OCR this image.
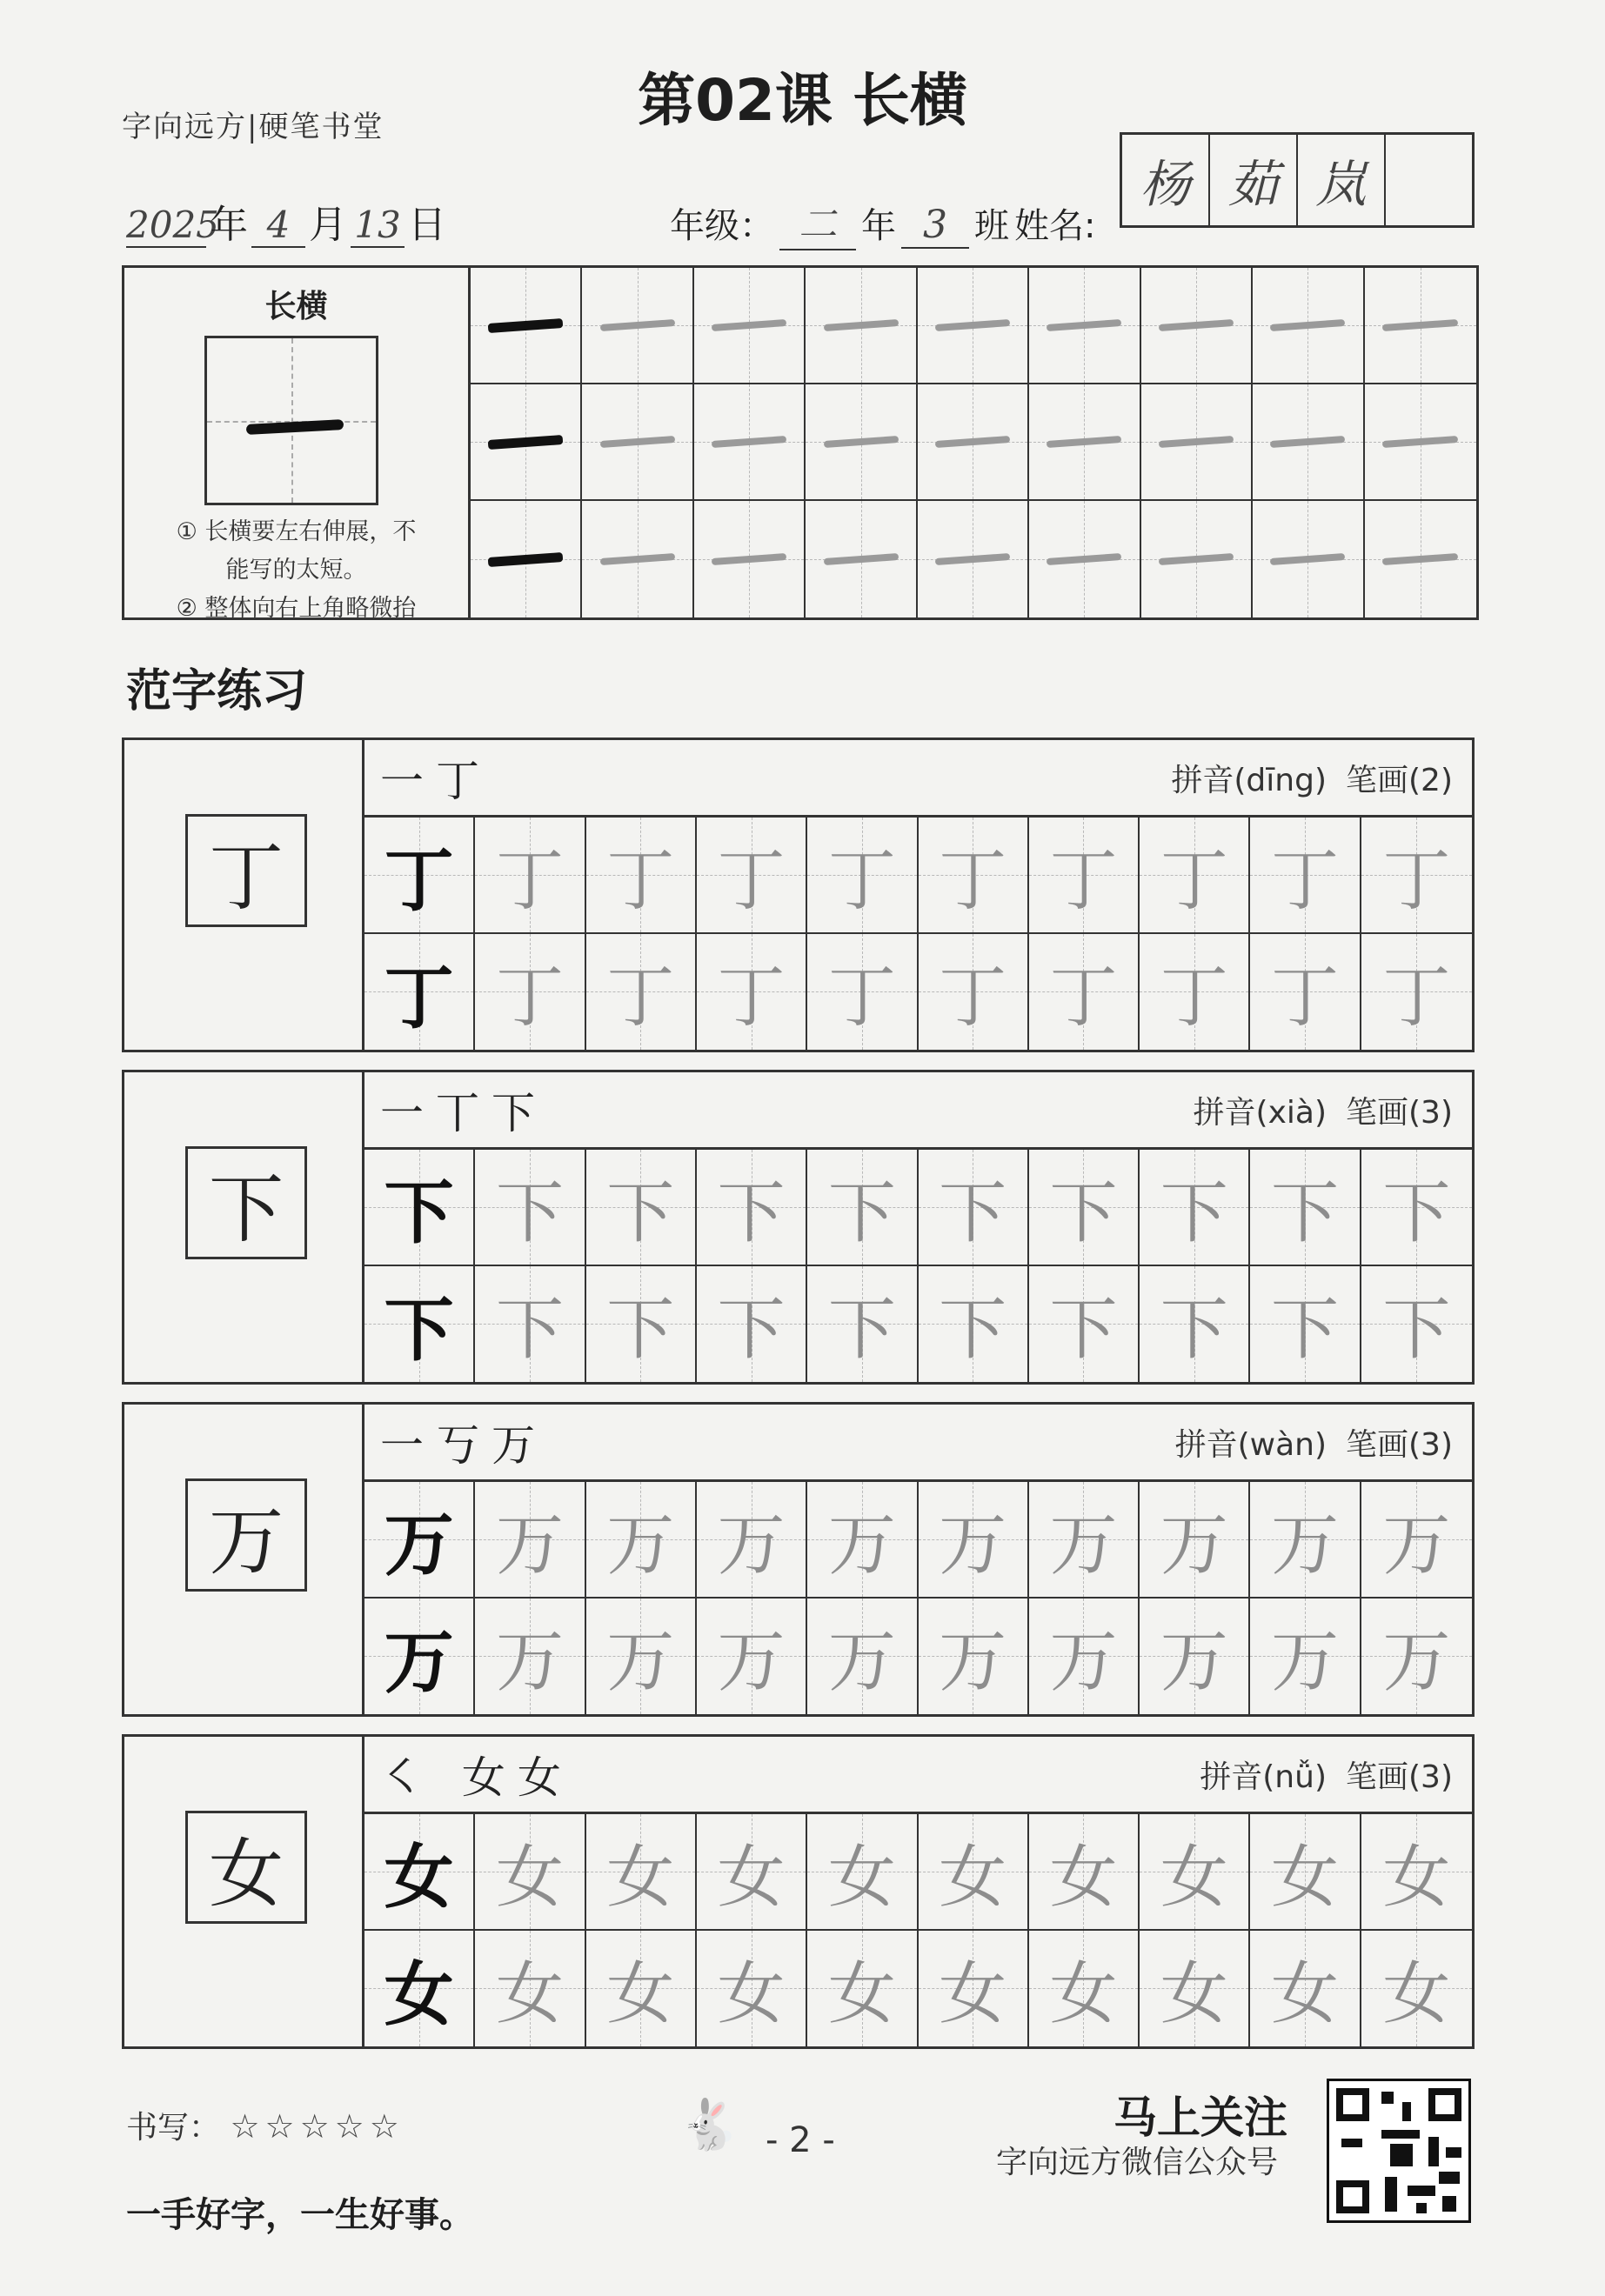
字向远方|硬笔书堂	第02课 长横
2025
年 4 月 13 日	年级： 二 年 3 班 姓名:
杨 茹 岚
长横
① 长横要左右伸展，不
能写的太短。
② 整体向右上角略微抬
范字练习
丁
一丁	拼音(dīng) 笔画(2)
丁 丁 丁 丁 丁 丁 丁 丁 丁 丁
丁 丁 丁 丁 丁 丁 丁 丁 丁 丁
下
一丅下	拼音(xià) 笔画(3)
下 下 下 下 下 下 下 下 下 下
下 下 下 下 下 下 下 下 下 下
万
一丂万	拼音(wàn) 笔画(3)
万 万 万 万 万 万 万 万 万 万
万 万 万 万 万 万 万 万 万 万
女
㇛ 女女	拼音(nǚ) 笔画(3)
女 女 女 女 女 女 女 女 女 女
女 女 女 女 女 女 女 女 女 女
书写： ☆☆☆☆☆	🐇 - 2 -	马上关注
字向远方微信公众号
一手好字，一生好事。
